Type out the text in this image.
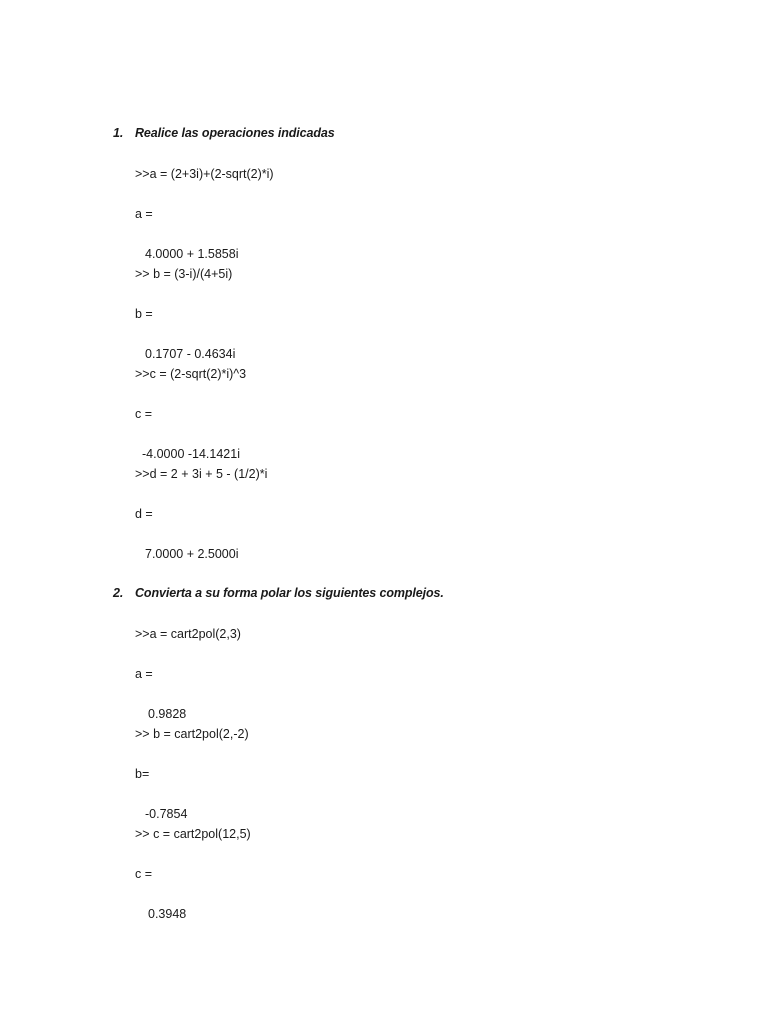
1. Realice las operaciones indicadas
>>a = (2+3i)+(2-sqrt(2)*i)
a =
4.0000 + 1.5858i
>> b = (3-i)/(4+5i)
b =
0.1707 - 0.4634i
>>c = (2-sqrt(2)*i)^3
c =
-4.0000 -14.1421i
>>d = 2 + 3i + 5 - (1/2)*i
d =
7.0000 + 2.5000i
2. Convierta a su forma polar los siguientes complejos.
>>a = cart2pol(2,3)
a =
0.9828
>> b = cart2pol(2,-2)
b=
-0.7854
>> c = cart2pol(12,5)
c =
0.3948
